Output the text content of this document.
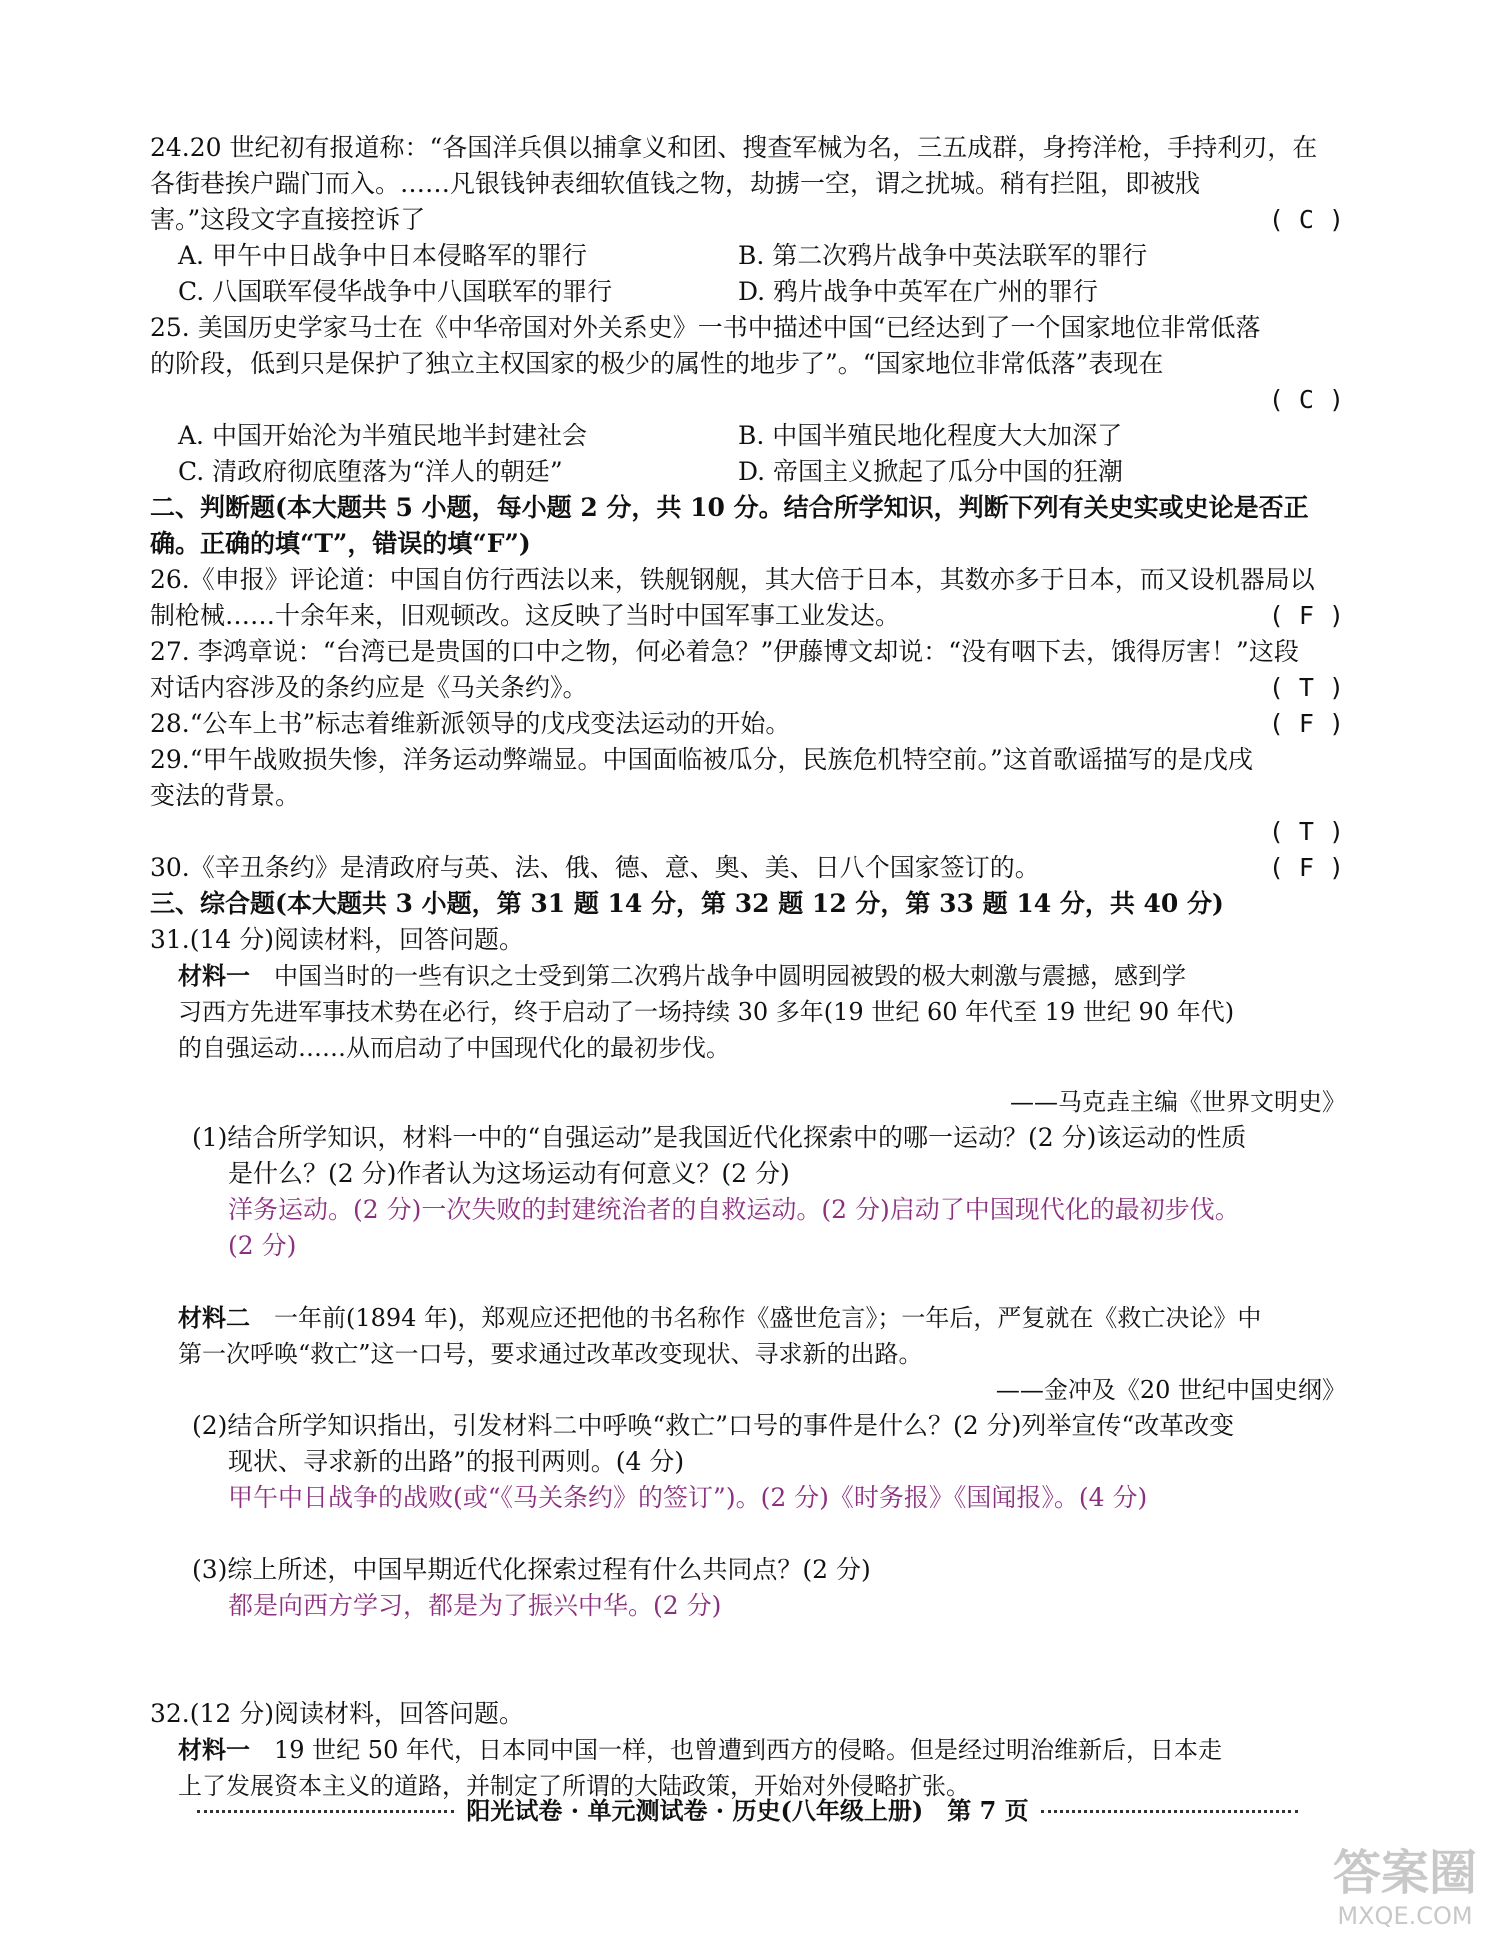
24.20 世纪初有报道称：“各国洋兵俱以捕拿义和团、搜查军械为名，三五成群，身挎洋枪，手持利刃，在
各街巷挨户踹门而入。……凡银钱钟表细软值钱之物，劫掳一空，谓之扰城。稍有拦阻，即被戕
害。”这段文字直接控诉了	( C )
A. 甲午中日战争中日本侵略军的罪行	B. 第二次鸦片战争中英法联军的罪行
C. 八国联军侵华战争中八国联军的罪行	D. 鸦片战争中英军在广州的罪行
25. 美国历史学家马士在《中华帝国对外关系史》一书中描述中国“已经达到了一个国家地位非常低落
的阶段，低到只是保护了独立主权国家的极少的属性的地步了”。“国家地位非常低落”表现在
( C )
A. 中国开始沦为半殖民地半封建社会	B. 中国半殖民地化程度大大加深了
C. 清政府彻底堕落为“洋人的朝廷”	D. 帝国主义掀起了瓜分中国的狂潮
二、判断题(本大题共 5 小题，每小题 2 分，共 10 分。结合所学知识，判断下列有关史实或史论是否正
确。正确的填“T”，错误的填“F”)
26.《申报》评论道：中国自仿行西法以来，铁舰钢舰，其大倍于日本，其数亦多于日本，而又设机器局以
制枪械……十余年来，旧观顿改。这反映了当时中国军事工业发达。	( F )
27. 李鸿章说：“台湾已是贵国的口中之物，何必着急？”伊藤博文却说：“没有咽下去，饿得厉害！”这段
对话内容涉及的条约应是《马关条约》。	( T )
28.“公车上书”标志着维新派领导的戊戌变法运动的开始。	( F )
29.“甲午战败损失惨，洋务运动弊端显。中国面临被瓜分，民族危机特空前。”这首歌谣描写的是戊戌
变法的背景。
( T )
30.《辛丑条约》是清政府与英、法、俄、德、意、奥、美、日八个国家签订的。	( F )
三、综合题(本大题共 3 小题，第 31 题 14 分，第 32 题 12 分，第 33 题 14 分，共 40 分)
31.(14 分)阅读材料，回答问题。
材料一　中国当时的一些有识之士受到第二次鸦片战争中圆明园被毁的极大刺激与震撼，感到学
习西方先进军事技术势在必行，终于启动了一场持续 30 多年(19 世纪 60 年代至 19 世纪 90 年代)
的自强运动……从而启动了中国现代化的最初步伐。
——马克垚主编《世界文明史》
(1)结合所学知识，材料一中的“自强运动”是我国近代化探索中的哪一运动？(2 分)该运动的性质
是什么？(2 分)作者认为这场运动有何意义？(2 分)
洋务运动。(2 分)一次失败的封建统治者的自救运动。(2 分)启动了中国现代化的最初步伐。
(2 分)
材料二　一年前(1894 年)，郑观应还把他的书名称作《盛世危言》；一年后，严复就在《救亡决论》中
第一次呼唤“救亡”这一口号，要求通过改革改变现状、寻求新的出路。
——金冲及《20 世纪中国史纲》
(2)结合所学知识指出，引发材料二中呼唤“救亡”口号的事件是什么？(2 分)列举宣传“改革改变
现状、寻求新的出路”的报刊两则。(4 分)
甲午中日战争的战败(或“《马关条约》的签订”)。(2 分)《时务报》《国闻报》。(4 分)
(3)综上所述，中国早期近代化探索过程有什么共同点？(2 分)
都是向西方学习，都是为了振兴中华。(2 分)
32.(12 分)阅读材料，回答问题。
材料一　19 世纪 50 年代，日本同中国一样，也曾遭到西方的侵略。但是经过明治维新后，日本走
上了发展资本主义的道路，并制定了所谓的大陆政策，开始对外侵略扩张。
阳光试卷 · 单元测试卷 · 历史(八年级上册)　第 7 页
答案圈
MXQE.COM
